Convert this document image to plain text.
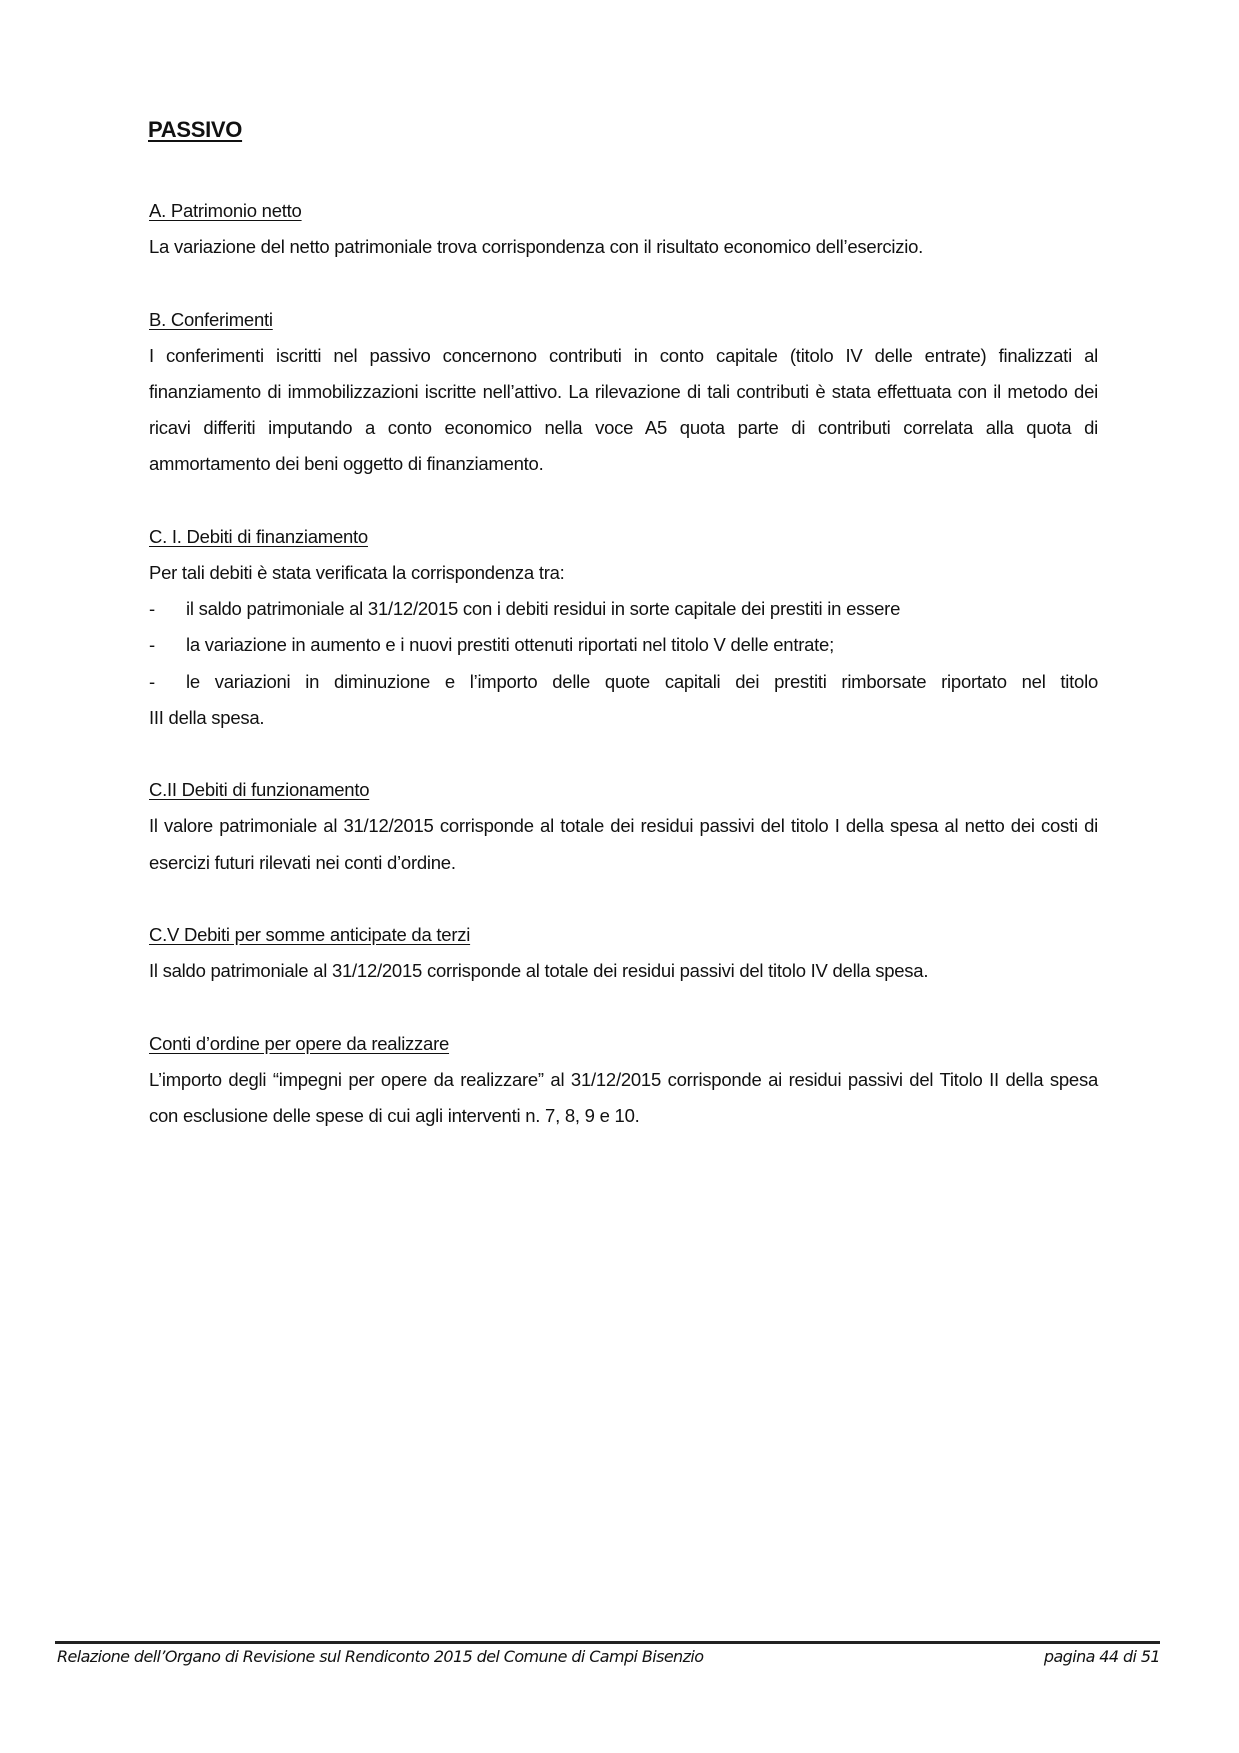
PASSIVO
A. Patrimonio netto
La variazione del netto patrimoniale trova corrispondenza con il risultato economico dell’esercizio.
B. Conferimenti
I conferimenti iscritti nel passivo concernono contributi in conto capitale (titolo IV delle entrate) finalizzati al finanziamento di immobilizzazioni iscritte nell’attivo. La rilevazione di tali contributi è stata effettuata con il metodo dei ricavi differiti imputando a conto economico nella voce A5 quota parte di contributi correlata alla quota di ammortamento dei beni oggetto di finanziamento.
C. I. Debiti di finanziamento
Per tali debiti è stata verificata la corrispondenza tra:
-	il saldo patrimoniale al 31/12/2015 con i debiti residui in sorte capitale dei prestiti in essere
-	la variazione in aumento e i nuovi prestiti ottenuti riportati nel titolo V delle entrate;
-	le variazioni in diminuzione e l’importo delle quote capitali dei prestiti rimborsate riportato nel titolo
III della spesa.
C.II Debiti di funzionamento
Il valore patrimoniale al 31/12/2015 corrisponde al totale dei residui passivi del titolo I della spesa al netto dei costi di esercizi futuri rilevati nei conti d’ordine.
C.V Debiti per somme anticipate da terzi
Il saldo patrimoniale al 31/12/2015 corrisponde al totale dei residui passivi del titolo IV della spesa.
Conti d’ordine per opere da realizzare
L’importo degli “impegni per opere da realizzare” al 31/12/2015 corrisponde ai residui passivi del Titolo II della spesa con esclusione delle spese di cui agli interventi n. 7, 8, 9 e 10.
Relazione dell’Organo di Revisione sul Rendiconto 2015 del Comune di Campi Bisenzio	pagina 44 di 51
